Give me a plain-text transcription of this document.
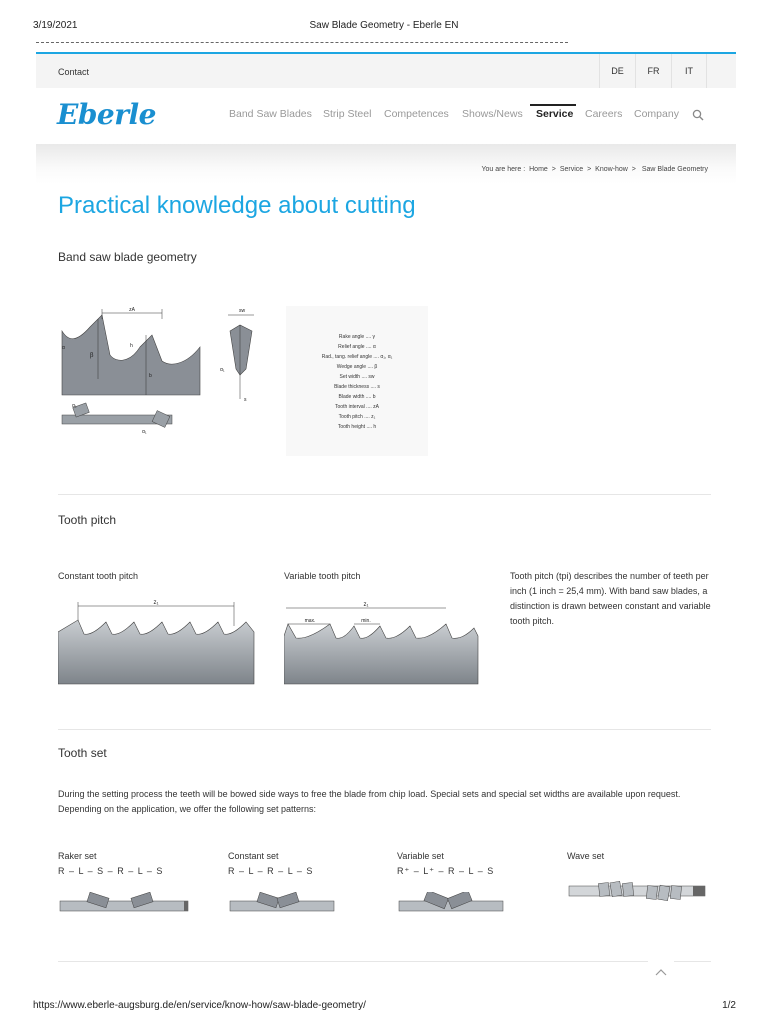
3/19/2021	Saw Blade Geometry - Eberle EN
Contact	DE	FR	IT
Eberle	Band Saw Blades Strip Steel Competences Shows/News Service Careers Company
You are here : Home > Service > Know-how > Saw Blade Geometry
Practical knowledge about cutting
Band saw blade geometry
zA
b
β
α	h
α₁
α₁
sw
α₁
s
Rake angle .... γ
Relief angle .... α
Rad., tang. relief angle .... α₁, α₁
Wedge angle .... β
Set width .... sw
Blade thickness .... s
Blade width .... b
Tooth interval .... zA
Tooth pitch .... z₁
Tooth height .... h
Tooth pitch
Constant tooth pitch	Variable tooth pitch
z₁	z₁
max.	min.
Tooth pitch (tpi) describes the number of teeth per inch (1 inch = 25,4 mm). With band saw blades, a distinction is drawn between constant and variable tooth pitch.
Tooth set
During the setting process the teeth will be bowed side ways to free the blade from chip load. Special sets and special set widths are available upon request. Depending on the application, we offer the following set patterns:
Raker set
R – L – S – R – L – S
Constant set
R – L – R – L – S
Variable set
R⁺ – L⁺ – R – L – S
Wave set
https://www.eberle-augsburg.de/en/service/know-how/saw-blade-geometry/	1/2
